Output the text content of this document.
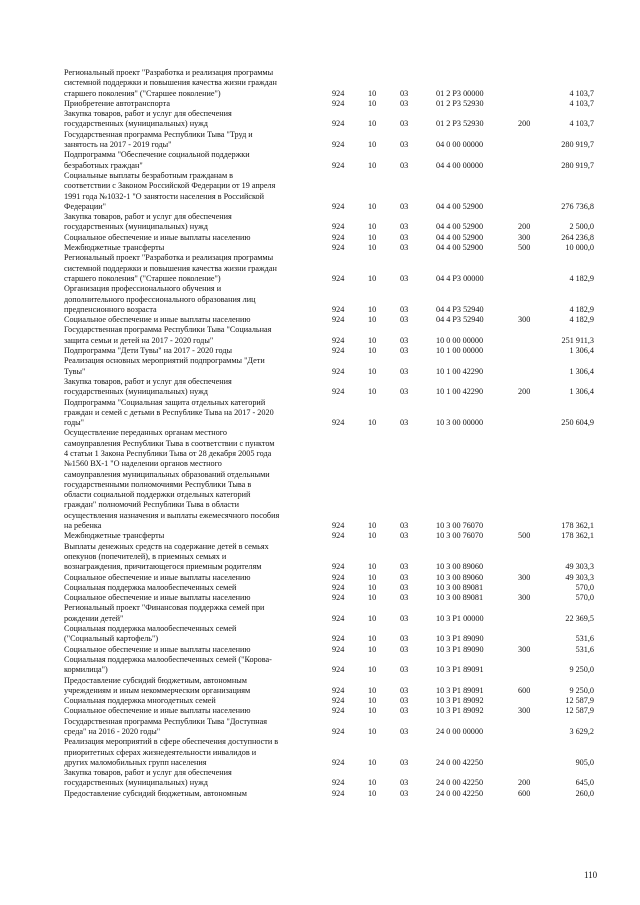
Региональный проект "Разработка и реализация программы
системной поддержки и повышения качества жизни граждан
старшего поколения" ("Старшее поколение")	924	10	03	01 2 P3 00000	4 103,7
Приобретение автотранспорта	924	10	03	01 2 P3 52930	4 103,7
Закупка товаров, работ и услуг для обеспечения
государственных (муниципальных) нужд	924	10	03	01 2 P3 52930	200	4 103,7
Государственная программа Республики Тыва "Труд и
занятость на 2017 - 2019 годы"	924	10	03	04 0 00 00000	280 919,7
Подпрограмма "Обеспечение социальной поддержки
безработных граждан"	924	10	03	04 4 00 00000	280 919,7
Социальные выплаты безработным гражданам в
соответствии с Законом Российской Федерации от 19 апреля
1991 года №1032-1 "О занятости населения в Российской
Федерации"	924	10	03	04 4 00 52900	276 736,8
Закупка товаров, работ и услуг для обеспечения
государственных (муниципальных) нужд	924	10	03	04 4 00 52900	200	2 500,0
Социальное обеспечение и иные выплаты населению	924	10	03	04 4 00 52900	300	264 236,8
Межбюджетные трансферты	924	10	03	04 4 00 52900	500	10 000,0
Региональный проект "Разработка и реализация программы
системной поддержки и повышения качества жизни граждан
старшего поколения" ("Старшее поколение")	924	10	03	04 4 P3 00000	4 182,9
Организация профессионального обучения и
дополнительного профессионального образования лиц
предпенсионного возраста	924	10	03	04 4 P3 52940	4 182,9
Социальное обеспечение и иные выплаты населению	924	10	03	04 4 P3 52940	300	4 182,9
Государственная программа Республики Тыва "Социальная
защита семьи и детей на 2017 - 2020 годы"	924	10	03	10 0 00 00000	251 911,3
Подпрограмма "Дети Тувы" на 2017 - 2020 годы	924	10	03	10 1 00 00000	1 306,4
Реализация основных мероприятий подпрограммы "Дети
Тувы"	924	10	03	10 1 00 42290	1 306,4
Закупка товаров, работ и услуг для обеспечения
государственных (муниципальных) нужд	924	10	03	10 1 00 42290	200	1 306,4
Подпрограмма "Социальная защита отдельных категорий
граждан и семей с детьми в Республике Тыва на 2017 - 2020
годы"	924	10	03	10 3 00 00000	250 604,9
Осуществление переданных органам местного
самоуправления Республики Тыва в соответствии с пунктом
4 статьи 1 Закона Республики Тыва от 28 декабря 2005 года
№1560 ВХ-1 "О наделении органов местного
самоуправления муниципальных образований отдельными
государственными полномочиями Республики Тыва в
области социальной поддержки отдельных категорий
граждан" полномочий Республики Тыва в области
осуществления назначения и выплаты ежемесячного пособия
на ребенка	924	10	03	10 3 00 76070	178 362,1
Межбюджетные трансферты	924	10	03	10 3 00 76070	500	178 362,1
Выплаты денежных средств на содержание детей в семьях
опекунов (попечителей), в приемных семьях и
вознаграждения, причитающегося приемным родителям	924	10	03	10 3 00 89060	49 303,3
Социальное обеспечение и иные выплаты населению	924	10	03	10 3 00 89060	300	49 303,3
Социальная поддержка малообеспеченных семей	924	10	03	10 3 00 89081	570,0
Социальное обеспечение и иные выплаты населению	924	10	03	10 3 00 89081	300	570,0
Региональный проект "Финансовая поддержка семей при
рождении детей"	924	10	03	10 3 P1 00000	22 369,5
Социальная поддержка малообеспеченных семей
("Социальный картофель")	924	10	03	10 3 P1 89090	531,6
Социальное обеспечение и иные выплаты населению	924	10	03	10 3 P1 89090	300	531,6
Социальная поддержка малообеспеченных семей ("Корова-
кормилица")	924	10	03	10 3 P1 89091	9 250,0
Предоставление субсидий бюджетным, автономным
учреждениям и иным некоммерческим организациям	924	10	03	10 3 P1 89091	600	9 250,0
Социальная поддержка многодетных семей	924	10	03	10 3 P1 89092	12 587,9
Социальное обеспечение и иные выплаты населению	924	10	03	10 3 P1 89092	300	12 587,9
Государственная программа Республики Тыва "Доступная
среда" на 2016 - 2020 годы"	924	10	03	24 0 00 00000	3 629,2
Реализация мероприятий в сфере обеспечения доступности в
приоритетных сферах жизнедеятельности инвалидов и
других маломобильных групп населения	924	10	03	24 0 00 42250	905,0
Закупка товаров, работ и услуг для обеспечения
государственных (муниципальных) нужд	924	10	03	24 0 00 42250	200	645,0
Предоставление субсидий бюджетным, автономным	924	10	03	24 0 00 42250	600	260,0
110
